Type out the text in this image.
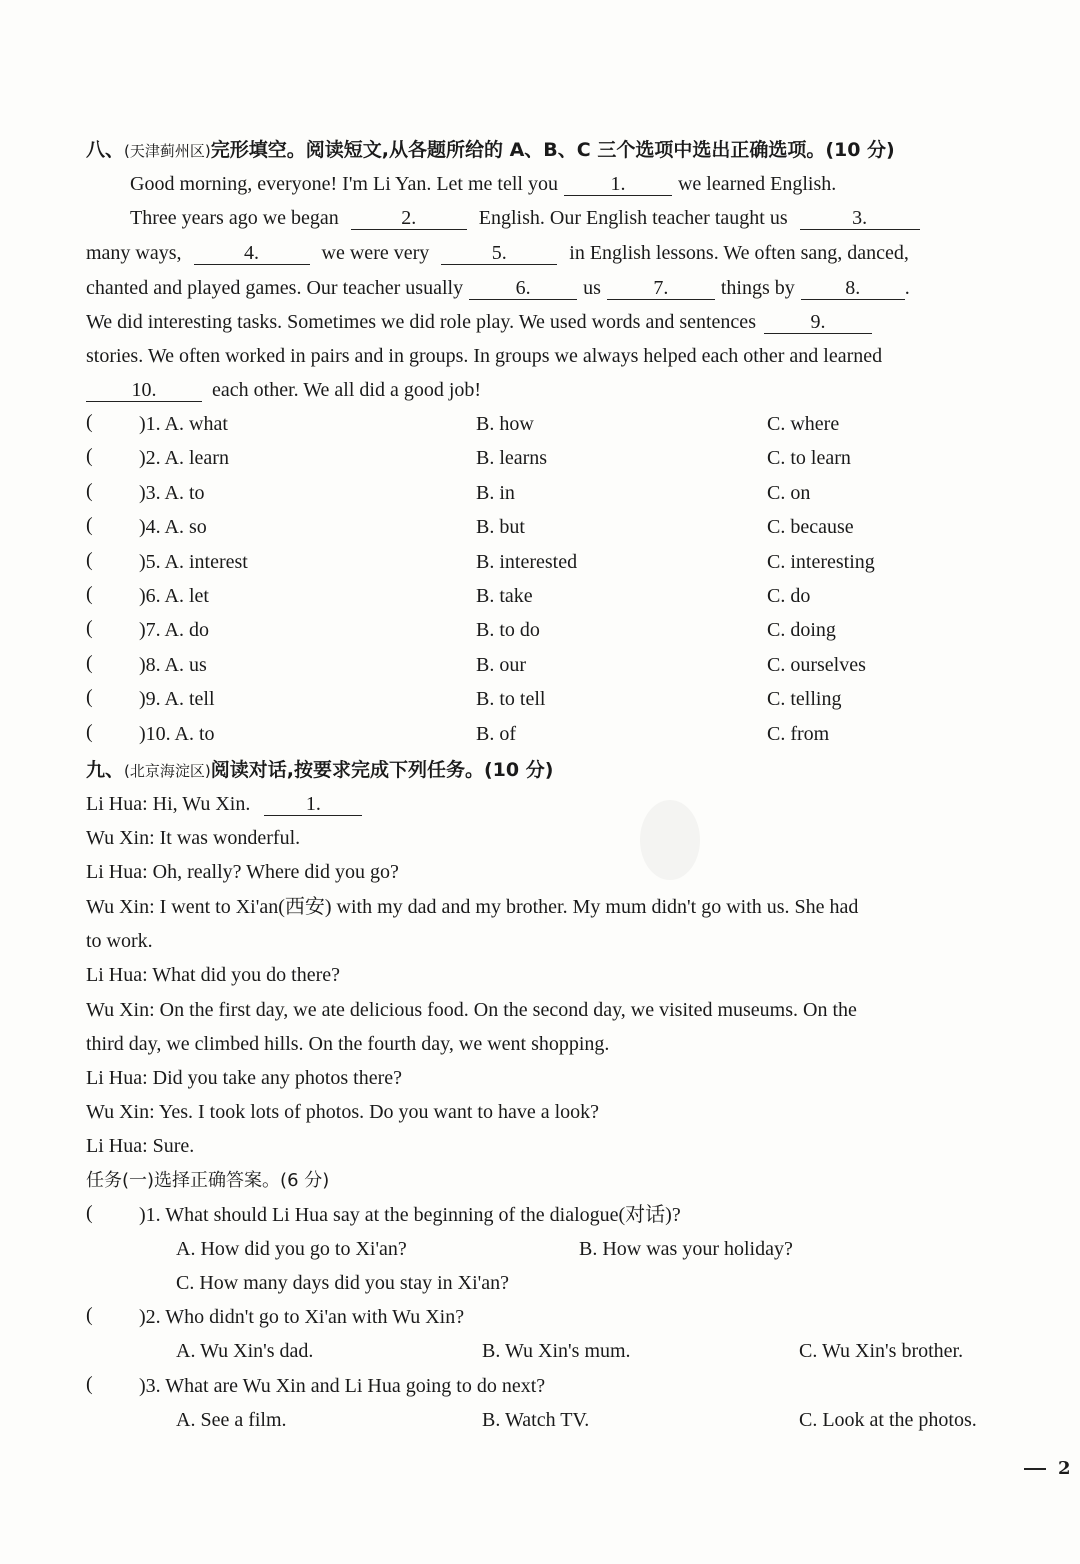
八、(天津蓟州区)完形填空。阅读短文,从各题所给的 A、B、C 三个选项中选出正确选项。(10 分)
Good morning, everyone! I'm Li Yan. Let me tell you	1.	we learned English.
Three years ago we began	2.	English. Our English teacher taught us	3.
many ways,	4.	we were very	5.	in English lessons. We often sang, danced,
chanted and played games. Our teacher usually	6.	us	7.	things by	8. .
We did interesting tasks. Sometimes we did role play. We used words and sentences	9.
stories. We often worked in pairs and in groups. In groups we always helped each other and learned
10.	each other. We all did a good job!
( )1. A. what	B. how	C. where
( )2. A. learn	B. learns	C. to learn
( )3. A. to	B. in	C. on
( )4. A. so	B. but	C. because
( )5. A. interest	B. interested	C. interesting
( )6. A. let	B. take	C. do
( )7. A. do	B. to do	C. doing
( )8. A. us	B. our	C. ourselves
( )9. A. tell	B. to tell	C. telling
( )10. A. to	B. of	C. from
九、(北京海淀区)阅读对话,按要求完成下列任务。(10 分)
Li Hua: Hi, Wu Xin.	1.
Wu Xin: It was wonderful.
Li Hua: Oh, really? Where did you go?
Wu Xin: I went to Xi'an(西安) with my dad and my brother. My mum didn't go with us. She had
to work.
Li Hua: What did you do there?
Wu Xin: On the first day, we ate delicious food. On the second day, we visited museums. On the
third day, we climbed hills. On the fourth day, we went shopping.
Li Hua: Did you take any photos there?
Wu Xin: Yes. I took lots of photos. Do you want to have a look?
Li Hua: Sure.
任务(一)选择正确答案。(6 分)
( )1. What should Li Hua say at the beginning of the dialogue(对话)?
A. How did you go to Xi'an?	B. How was your holiday?
C. How many days did you stay in Xi'an?
( )2. Who didn't go to Xi'an with Wu Xin?
A. Wu Xin's dad.	B. Wu Xin's mum.	C. Wu Xin's brother.
( )3. What are Wu Xin and Li Hua going to do next?
A. See a film.	B. Watch TV.	C. Look at the photos.
2
